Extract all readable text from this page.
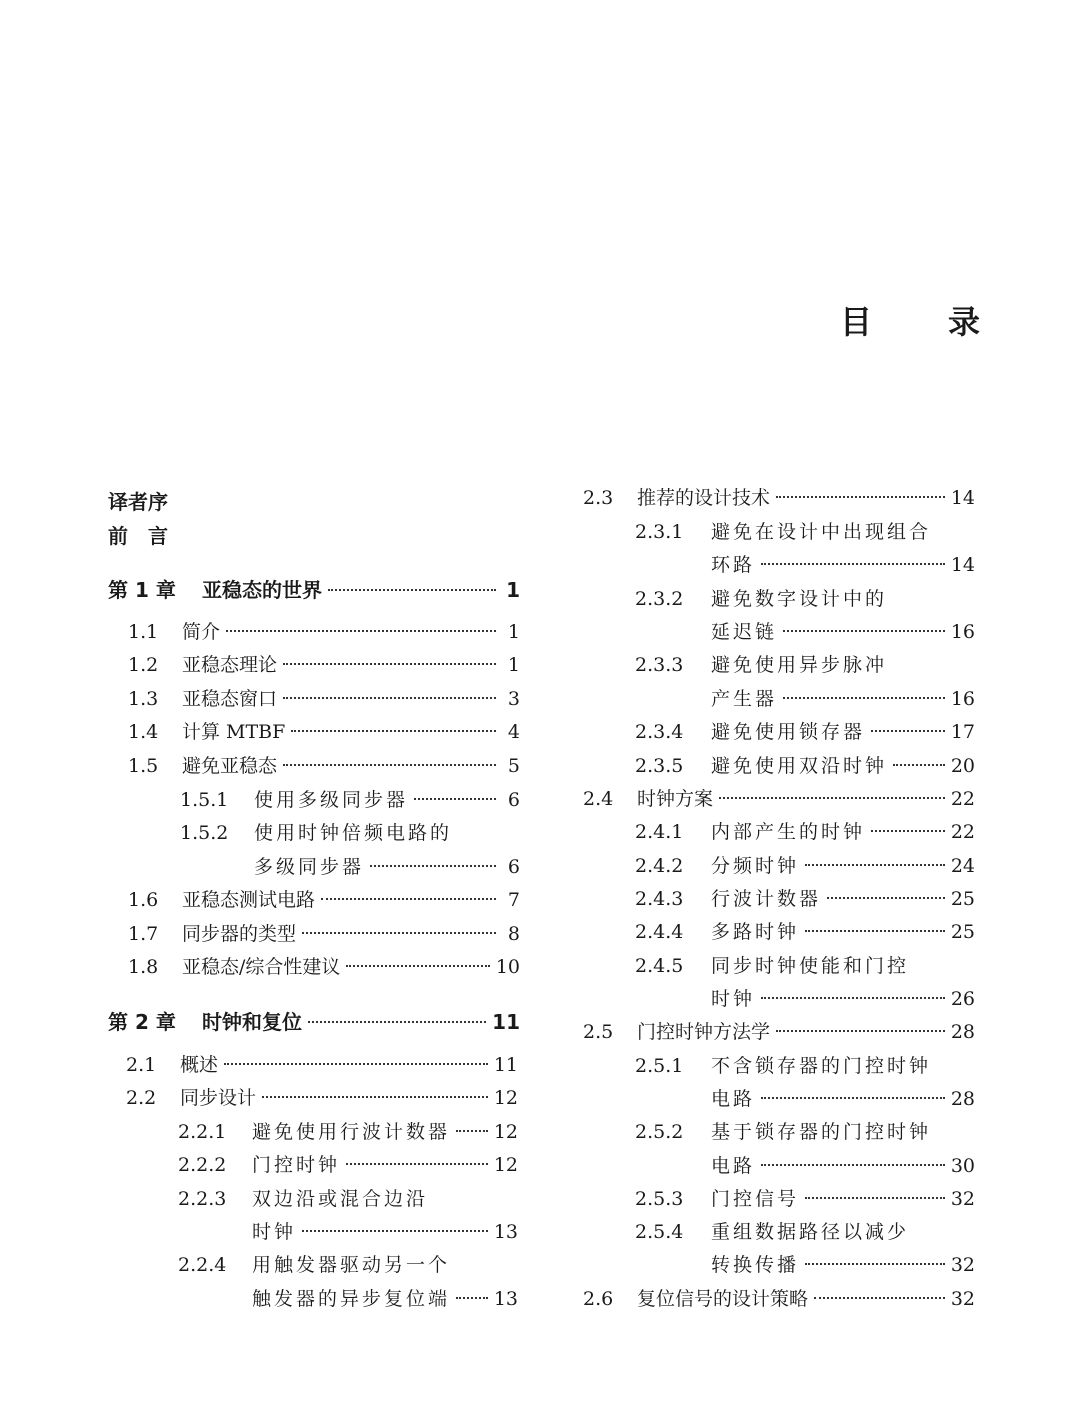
目 录
译者序
前　言
第 1 章	亚稳态的世界	1
1.1	简介	1
1.2	亚稳态理论	1
1.3	亚稳态窗口	3
1.4	计算 MTBF	4
1.5	避免亚稳态	5
1.5.1	使用多级同步器	6
1.5.2	使用时钟倍频电路的
多级同步器	6
1.6	亚稳态测试电路	7
1.7	同步器的类型	8
1.8	亚稳态/综合性建议	10
第 2 章	时钟和复位	11
2.1	概述	11
2.2	同步设计	12
2.2.1	避免使用行波计数器 12
2.2.2	门控时钟	12
2.2.3	双边沿或混合边沿
时钟	13
2.2.4	用触发器驱动另一个
触发器的异步复位端 13
2.3	推荐的设计技术	14
2.3.1	避免在设计中出现组合
环路	14
2.3.2	避免数字设计中的
延迟链	16
2.3.3	避免使用异步脉冲
产生器	16
2.3.4	避免使用锁存器	17
2.3.5	避免使用双沿时钟	20
2.4	时钟方案	22
2.4.1	内部产生的时钟	22
2.4.2	分频时钟	24
2.4.3	行波计数器	25
2.4.4	多路时钟	25
2.4.5	同步时钟使能和门控
时钟	26
2.5	门控时钟方法学	28
2.5.1	不含锁存器的门控时钟
电路	28
2.5.2	基于锁存器的门控时钟
电路	30
2.5.3	门控信号	32
2.5.4	重组数据路径以减少
转换传播	32
2.6	复位信号的设计策略	32
